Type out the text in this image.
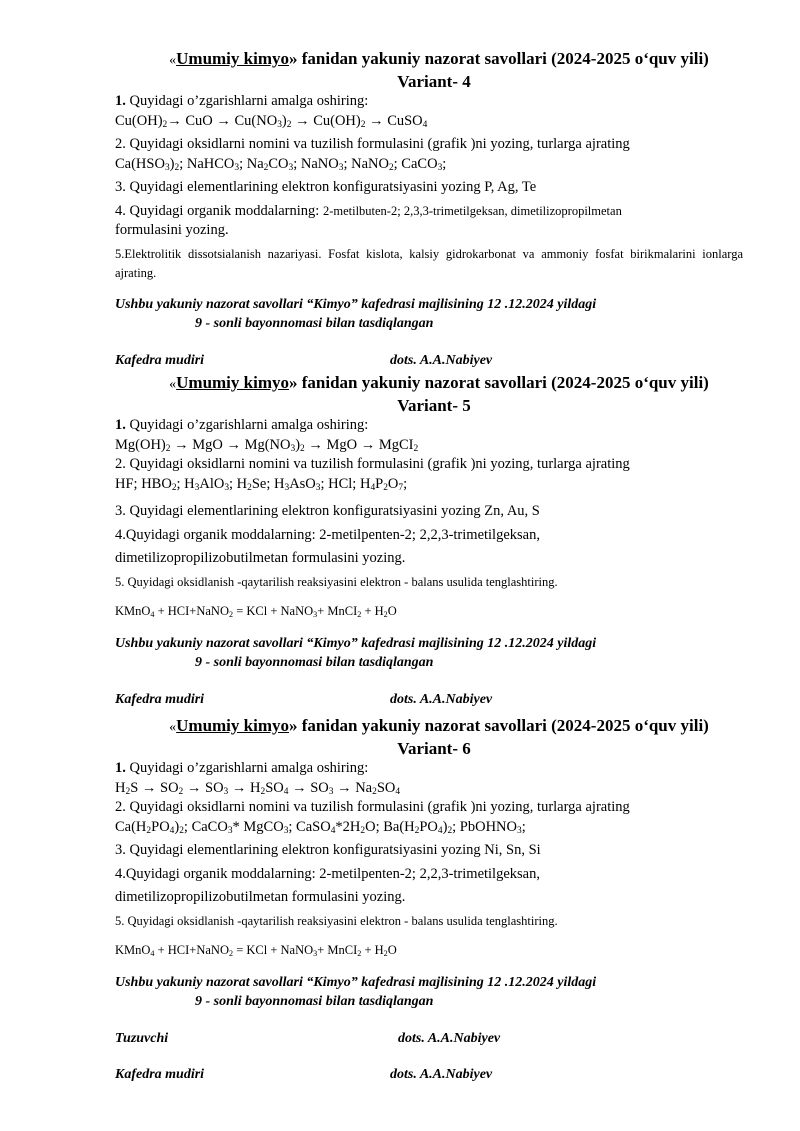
«Umumiy kimyo» fanidan yakuniy nazorat savollari (2024-2025 o‘quv yili)
Variant- 4
1. Quyidagi o’zgarishlarni amalga oshiring:
$Cu(OH)_2\to$ CuO → $Cu(NO_3)_2 \to Cu(OH)_2$ → CuSO$_4$
2. Quyidagi oksidlarni nomini va tuzilish formulasini (grafik )ni yozing, turlarga ajrating
$Ca(HSO_3)_2$; NaHCO$_3$; $Na_2CO_3$; NaNO$_3$; NaNO$_2$; CaCO$_3$;
3. Quyidagi elementlarining elektron konfiguratsiyasini yozing P, Ag, Te
4. Quyidagi organik moddalarning: 2-metilbuten-2; 2,3,3-trimetilgeksan, dimetilizopropilmetan
formulasini yozing.
5.Elektrolitik dissotsialanish nazariyasi. Fosfat kislota, kalsiy gidrokarbonat va ammoniy fosfat birikmalarini ionlarga ajrating.
Ushbu yakuniy nazorat savollari “Kimyo” kafedrasi majlisining 12 .12.2024 yildagi
9 - sonli bayonnomasi bilan tasdiqlangan
Kafedra mudiri	dots. A.A.Nabiyev
«Umumiy kimyo» fanidan yakuniy nazorat savollari (2024-2025 o‘quv yili)
Variant- 5
1. Quyidagi o’zgarishlarni amalga oshiring:
$Mg(OH)_2$ → MgO → $Mg(NO_3)_2$ → MgO → MgCI$_2$
2. Quyidagi oksidlarni nomini va tuzilish formulasini (grafik )ni yozing, turlarga ajrating
HF; $HBO_2$; $H_3AlO_3$; $H_2Se$; $H_3AsO_3$; HCl; $H_4P_2O_7$;
3. Quyidagi elementlarining elektron konfiguratsiyasini yozing Zn, Au, S
4.Quyidagi organik moddalarning: 2-metilpenten-2; 2,2,3-trimetilgeksan,
dimetilizopropilizobutilmetan formulasini yozing.
5. Quyidagi oksidlanish -qaytarilish reaksiyasini elektron - balans usulida tenglashtiring.
KMnO$_4$ + HCI+NaNO$_2$ = KCl + NaNO$_3$+ MnCI$_2$ + $H_2O$
Ushbu yakuniy nazorat savollari “Kimyo” kafedrasi majlisining 12 .12.2024 yildagi
9 - sonli bayonnomasi bilan tasdiqlangan
Kafedra mudiri	dots. A.A.Nabiyev
«Umumiy kimyo» fanidan yakuniy nazorat savollari (2024-2025 o‘quv yili)
Variant- 6
1. Quyidagi o’zgarishlarni amalga oshiring:
$H_2S \to SO_2 \to SO_3 \to H_2SO_4 \to SO_3 \to Na_2SO_4$
2. Quyidagi oksidlarni nomini va tuzilish formulasini (grafik )ni yozing, turlarga ajrating
$Ca(H_2PO_4)_2$; CaCO$_3$* MgCO$_3$; $CaSO_4*2H_2O$; $Ba(H_2PO_4)_2$; PbOHNO$_3$;
3. Quyidagi elementlarining elektron konfiguratsiyasini yozing Ni, Sn, Si
4.Quyidagi organik moddalarning: 2-metilpenten-2; 2,2,3-trimetilgeksan,
dimetilizopropilizobutilmetan formulasini yozing.
5. Quyidagi oksidlanish -qaytarilish reaksiyasini elektron - balans usulida tenglashtiring.
KMnO$_4$ + HCI+NaNO$_2$ = KCl + NaNO$_3$+ MnCI$_2$ + $H_2O$
Ushbu yakuniy nazorat savollari “Kimyo” kafedrasi majlisining 12 .12.2024 yildagi
9 - sonli bayonnomasi bilan tasdiqlangan
Tuzuvchi	dots. A.A.Nabiyev
Kafedra mudiri	dots. A.A.Nabiyev
